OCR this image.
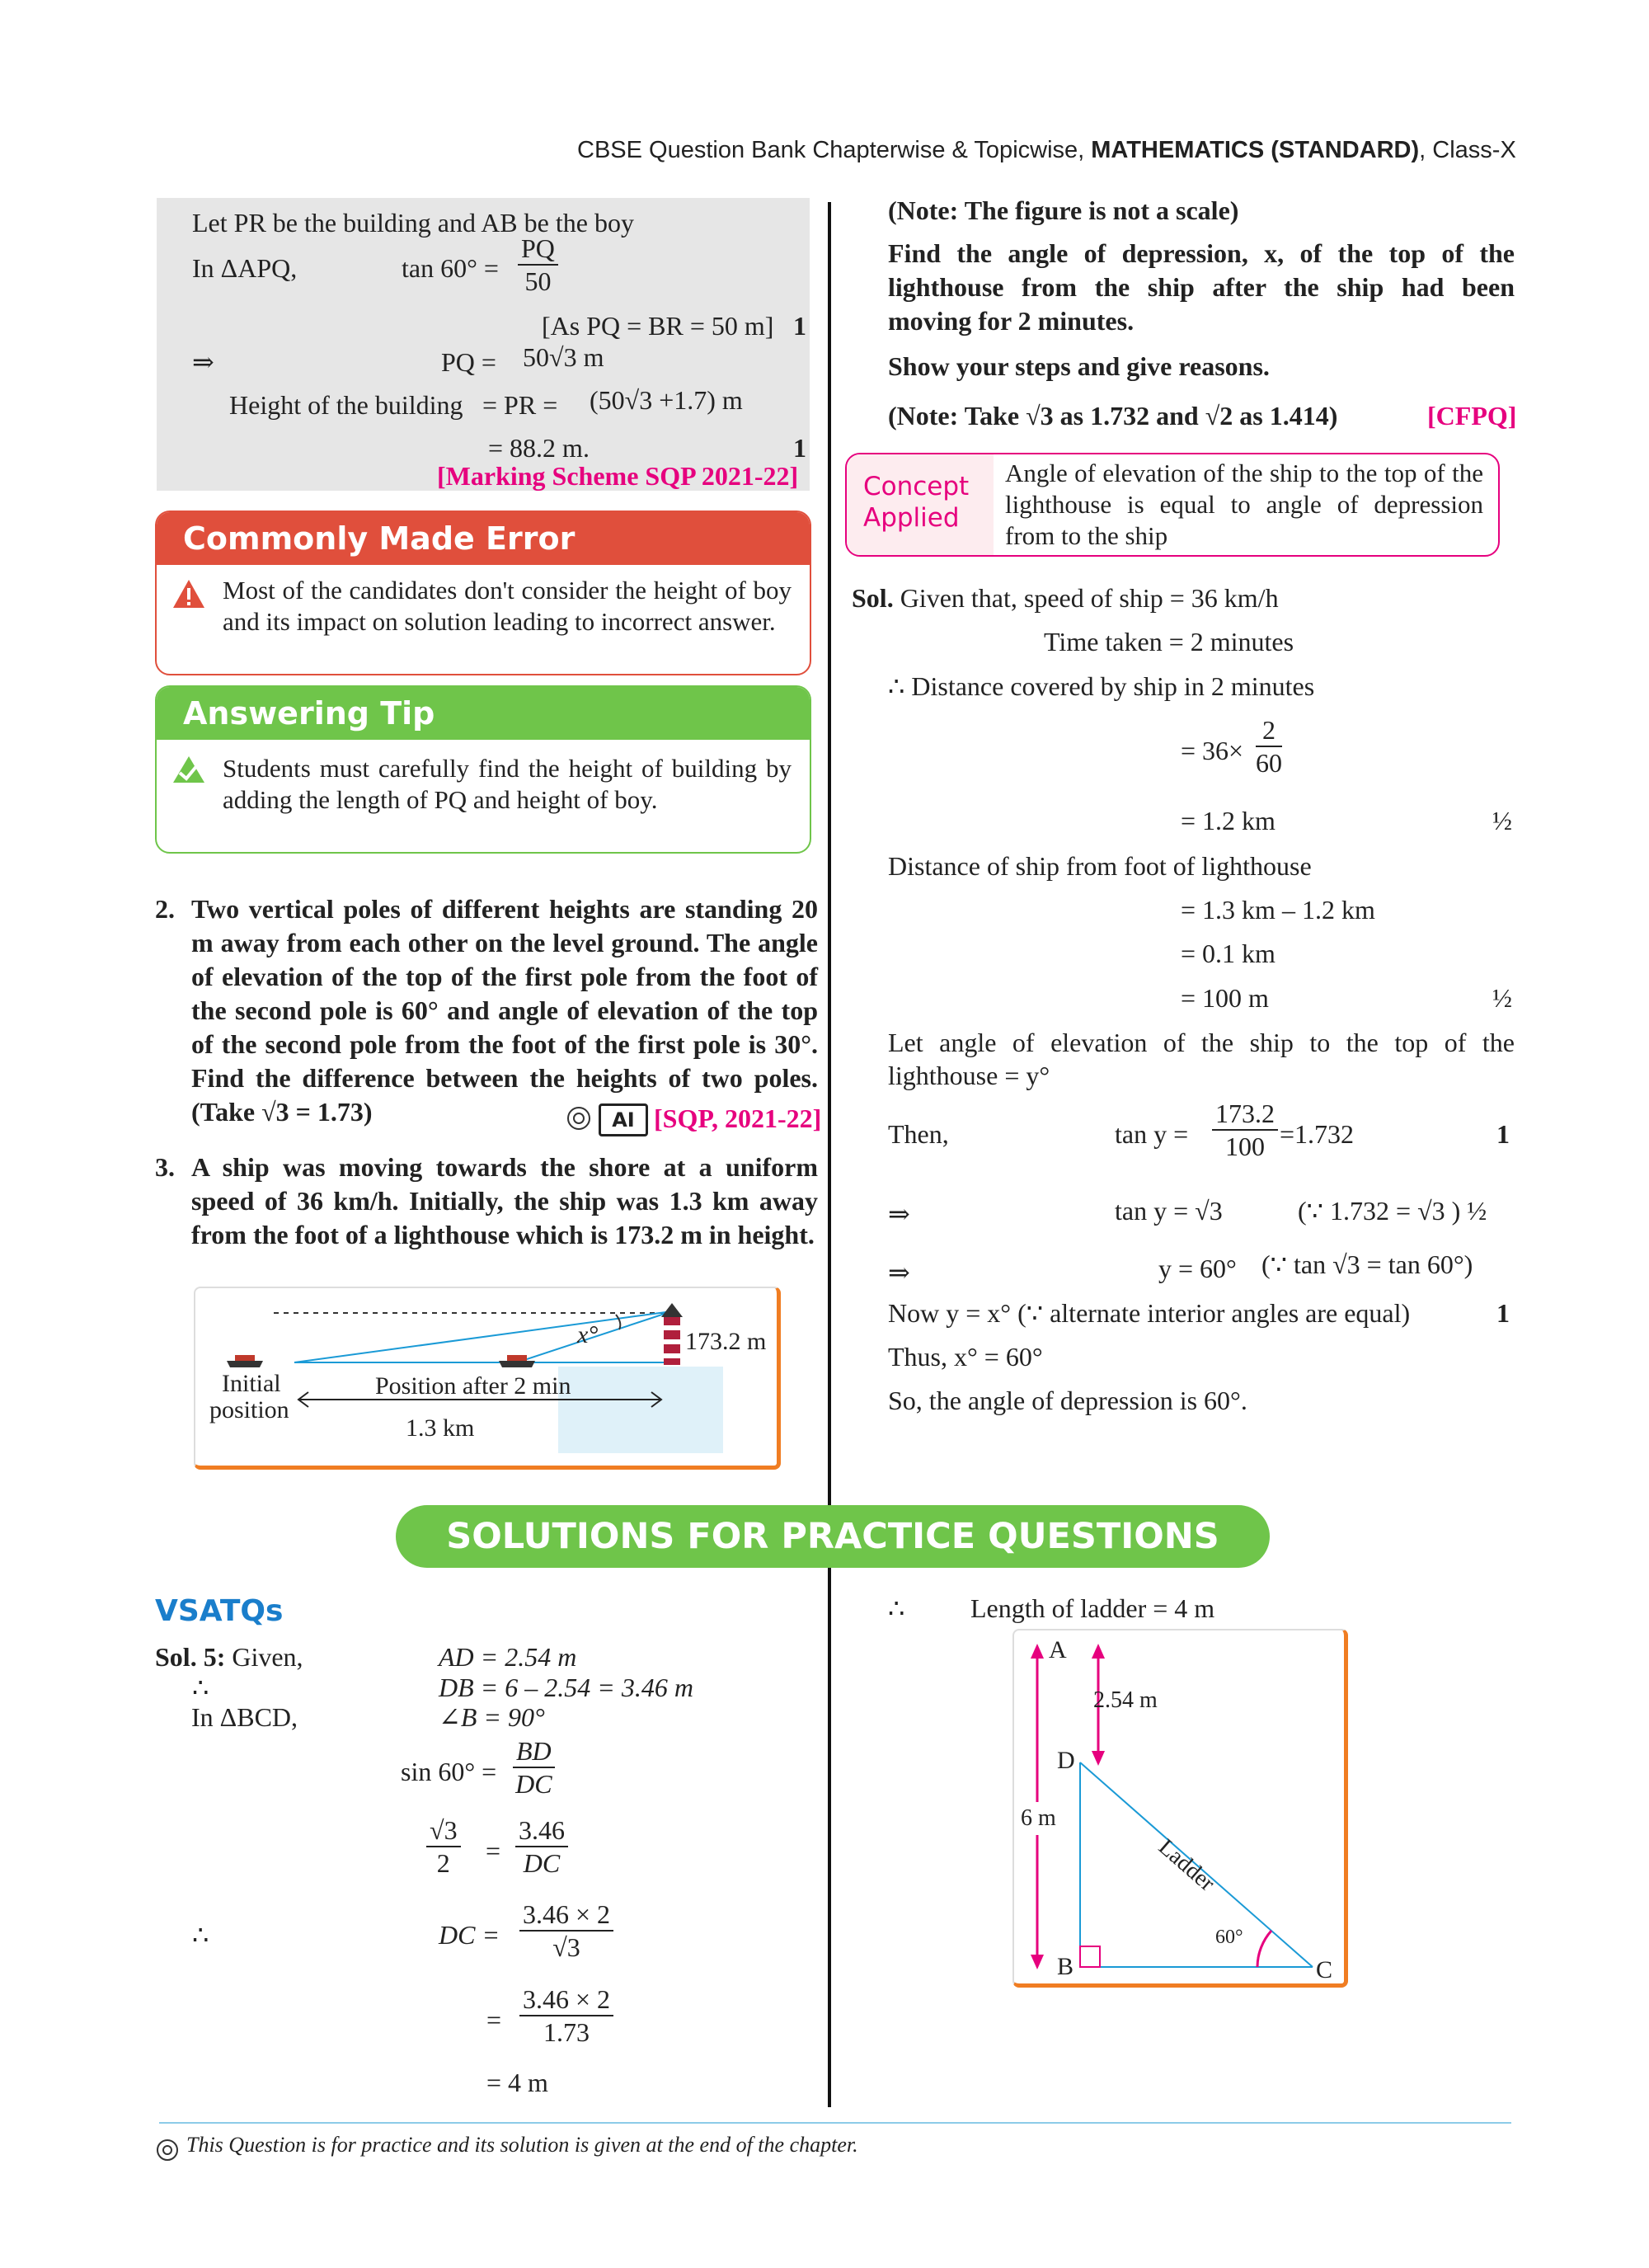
CBSE Question Bank Chapterwise & Topicwise, MATHEMATICS (STANDARD), Class-X
Let PR be the building and AB be the boy
In ΔAPQ,	$\tan 60^\circ = \frac{PQ}{50}$
[As PQ = BR = 50 m] 1
⇒	PQ = 50√3 m
Height of the building = PR = (50√3 +1.7) m
= 88.2 m.	1
[Marking Scheme SQP 2021-22]
Commonly Made Error
Most of the candidates don't consider the height of boy and its impact on solution leading to incorrect answer.
Answering Tip
Students must carefully find the height of building by adding the length of PQ and height of boy.
2. Two vertical poles of different heights are standing 20 m away from each other on the level ground. The angle of elevation of the top of the first pole from the foot of the second pole is 60° and angle of elevation of the top of the second pole from the foot of the first pole is 30°. Find the difference between the heights of two poles. (Take √3 = 1.73)	AI [SQP, 2021-22]
3. A ship was moving towards the shore at a uniform speed of 36 km/h. Initially, the ship was 1.3 km away from the foot of a lighthouse which is 173.2 m in height.
x°	173.2 m
Initial
position
Position after 2 min
1.3 km
(Note: The figure is not a scale)
Find the angle of depression, x, of the top of the lighthouse from the ship after the ship had been moving for 2 minutes.
Show your steps and give reasons.
(Note: Take √3 as 1.732 and √2 as 1.414)	[CFPQ]
Concept Applied
Angle of elevation of the ship to the top of the lighthouse is equal to angle of depression from to the ship
Sol. Given that, speed of ship = 36 km/h
Time taken = 2 minutes
∴ Distance covered by ship in 2 minutes
= $36\times \frac{2}{60}$
= 1.2 km	½
Distance of ship from foot of lighthouse
= 1.3 km – 1.2 km
= 0.1 km
= 100 m	½
Let angle of elevation of the ship to the top of the lighthouse = y°
Then,	$\tan y = \frac{173.2}{100} =1.732$	1
⇒	tan y = √3	(∵ 1.732 = √3 ) ½
⇒	y = 60° (∵ tan √3 = tan 60°)
Now y = x° (∵ alternate interior angles are equal)	1
Thus, x° = 60°
So, the angle of depression is 60°.
SOLUTIONS FOR PRACTICE QUESTIONS
VSATQs
Sol. 5: Given,	AD = 2.54 m
∴	DB = 6 – 2.54 = 3.46 m
In ΔBCD,	∠B = 90°
$\sin 60^\circ = \frac{BD}{DC}$
$\frac{√3}{2} = \frac{3.46}{DC}$
∴	DC = $\frac{3.46 \times 2}{√3}$
= $\frac{3.46 \times 2}{1.73}$
= 4 m
∴ Length of ladder = 4 m
A
D
B	C
2.54 m
6 m
Ladder
60°
This Question is for practice and its solution is given at the end of the chapter.
